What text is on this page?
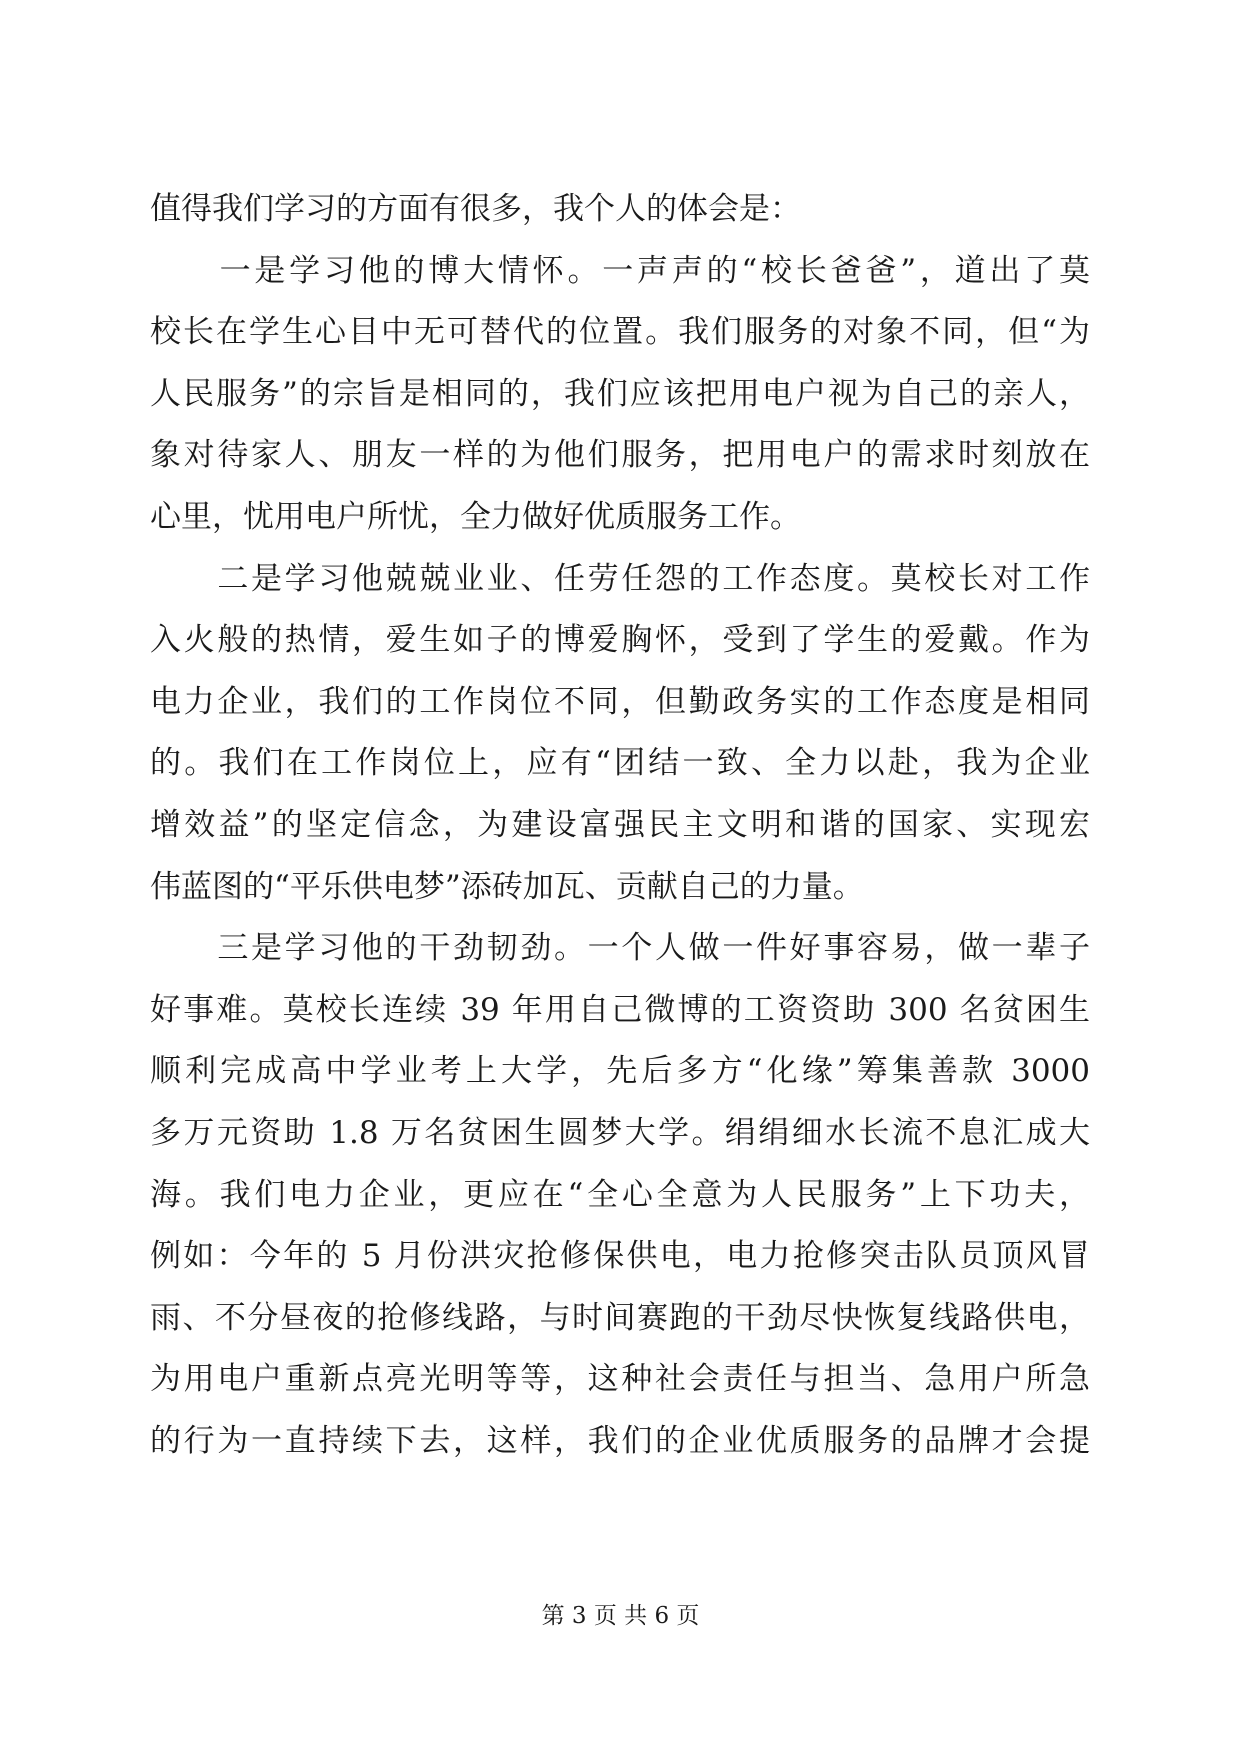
值得我们学习的方面有很多，我个人的体会是：
　　一是学习他的博大情怀。一声声的“校长爸爸”，道出了莫
校长在学生心目中无可替代的位置。我们服务的对象不同，但“为
人民服务”的宗旨是相同的，我们应该把用电户视为自己的亲人，
象对待家人、朋友一样的为他们服务，把用电户的需求时刻放在
心里，忧用电户所忧，全力做好优质服务工作。
　　二是学习他兢兢业业、任劳任怨的工作态度。莫校长对工作
入火般的热情，爱生如子的博爱胸怀，受到了学生的爱戴。作为
电力企业，我们的工作岗位不同，但勤政务实的工作态度是相同
的。我们在工作岗位上，应有“团结一致、全力以赴，我为企业
增效益”的坚定信念，为建设富强民主文明和谐的国家、实现宏
伟蓝图的“平乐供电梦”添砖加瓦、贡献自己的力量。
　　三是学习他的干劲韧劲。一个人做一件好事容易，做一辈子
好事难。莫校长连续 39 年用自己微博的工资资助 300 名贫困生
顺利完成高中学业考上大学，先后多方“化缘”筹集善款 3000
多万元资助 1.8 万名贫困生圆梦大学。绢绢细水长流不息汇成大
海。我们电力企业，更应在“全心全意为人民服务”上下功夫，
例如：今年的 5 月份洪灾抢修保供电，电力抢修突击队员顶风冒
雨、不分昼夜的抢修线路，与时间赛跑的干劲尽快恢复线路供电，
为用电户重新点亮光明等等，这种社会责任与担当、急用户所急
的行为一直持续下去，这样，我们的企业优质服务的品牌才会提
第 3 页 共 6 页
